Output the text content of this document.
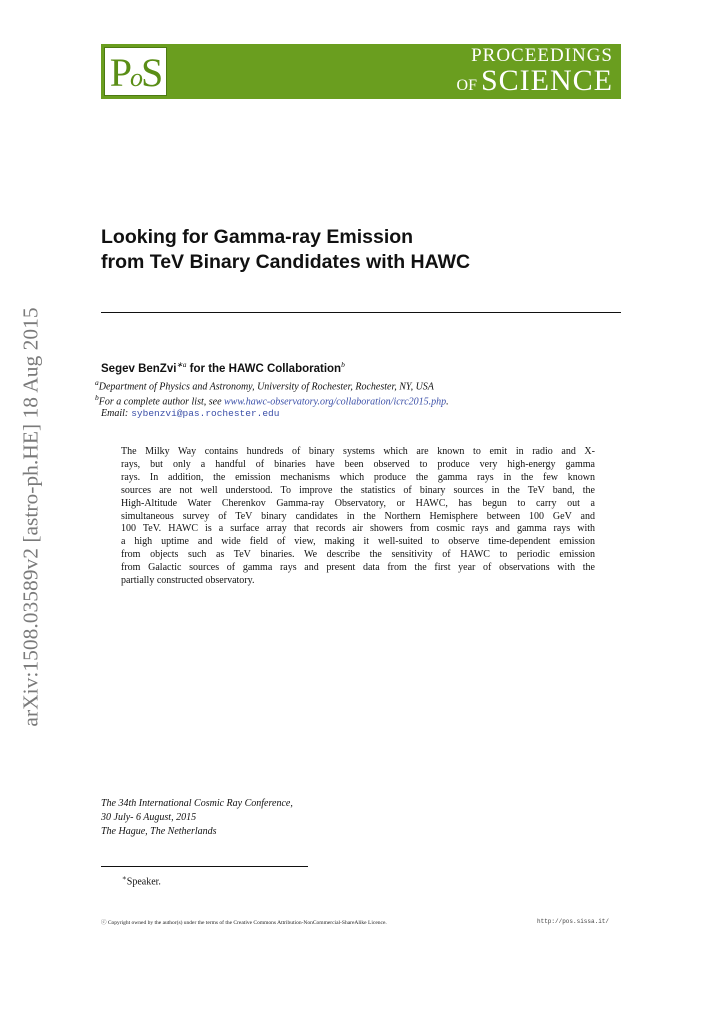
PoS	PROCEEDINGS
OF SCIENCE
arXiv:1508.03589v2 [astro-ph.HE] 18 Aug 2015
Looking for Gamma-ray Emission
from TeV Binary Candidates with HAWC
Segev BenZvi$^{∗a}$ for the HAWC Collaboration$^b$
$^a$Department of Physics and Astronomy, University of Rochester, Rochester, NY, USA
$^b$For a complete author list, see www.hawc-observatory.org/collaboration/icrc2015.php.
Email: sybenzvi@pas.rochester.edu
The Milky Way contains hundreds of binary systems which are known to emit in radio and X-
rays, but only a handful of binaries have been observed to produce very high-energy gamma
rays. In addition, the emission mechanisms which produce the gamma rays in the few known
sources are not well understood. To improve the statistics of binary sources in the TeV band, the
High-Altitude Water Cherenkov Gamma-ray Observatory, or HAWC, has begun to carry out a
simultaneous survey of TeV binary candidates in the Northern Hemisphere between 100 GeV and
100 TeV. HAWC is a surface array that records air showers from cosmic rays and gamma rays with
a high uptime and wide field of view, making it well-suited to observe time-dependent emission
from objects such as TeV binaries. We describe the sensitivity of HAWC to periodic emission
from Galactic sources of gamma rays and present data from the first year of observations with the
partially constructed observatory.
The 34th International Cosmic Ray Conference,
30 July- 6 August, 2015
The Hague, The Netherlands
∗Speaker.
ⓒ Copyright owned by the author(s) under the terms of the Creative Commons Attribution-NonCommercial-ShareAlike Licence.	http://pos.sissa.it/
